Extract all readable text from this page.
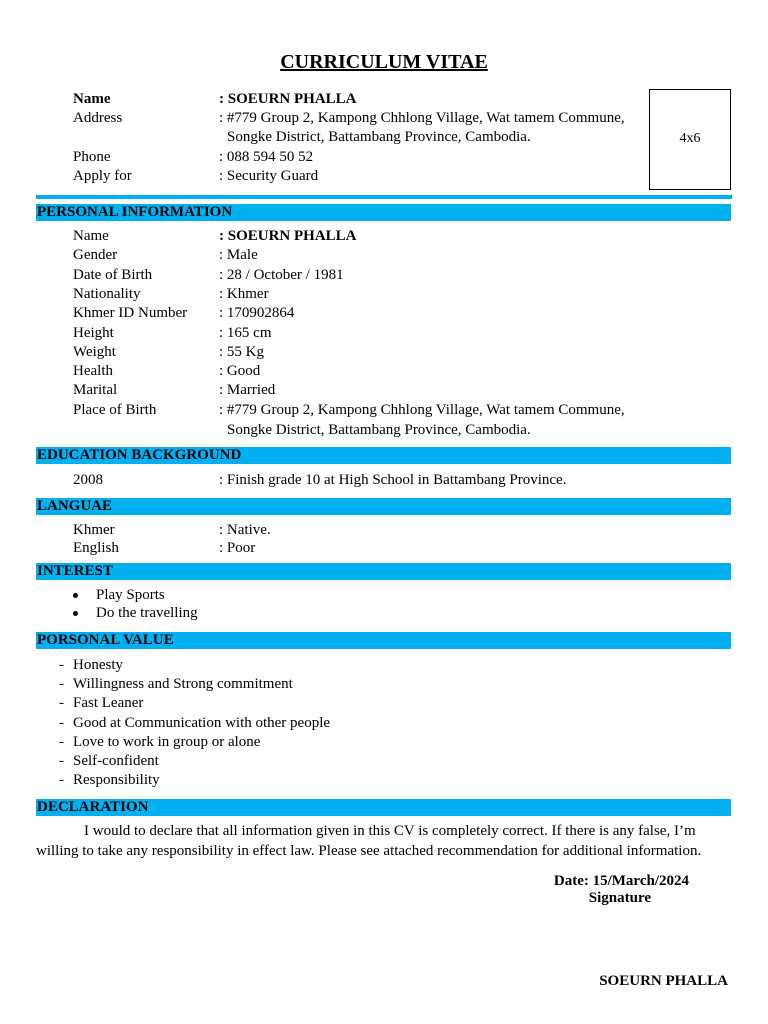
CURRICULUM VITAE
Name	: SOEURN PHALLA
Address	: #779 Group 2, Kampong Chhlong Village, Wat tamem Commune,
Songke District, Battambang Province, Cambodia.
Phone	: 088 594 50 52
Apply for	: Security Guard
4x6
PERSONAL INFORMATION
Name	: SOEURN PHALLA
Gender	: Male
Date of Birth	: 28 / October / 1981
Nationality	: Khmer
Khmer ID Number : 170902864
Height	: 165 cm
Weight	: 55 Kg
Health	: Good
Marital	: Married
Place of Birth	: #779 Group 2, Kampong Chhlong Village, Wat tamem Commune,
Songke District, Battambang Province, Cambodia.
EDUCATION BACKGROUND
2008	: Finish grade 10 at High School in Battambang Province.
LANGUAE
Khmer	: Native.
English	: Poor
INTEREST
Play Sports
Do the travelling
PORSONAL VALUE
- Honesty
- Willingness and Strong commitment
- Fast Leaner
- Good at Communication with other people
- Love to work in group or alone
- Self-confident
- Responsibility
DECLARATION
I would to declare that all information given in this CV is completely correct. If there is any false, I’m
willing to take any responsibility in effect law. Please see attached recommendation for additional information.
Date: 15/March/2024
Signature
SOEURN PHALLA
